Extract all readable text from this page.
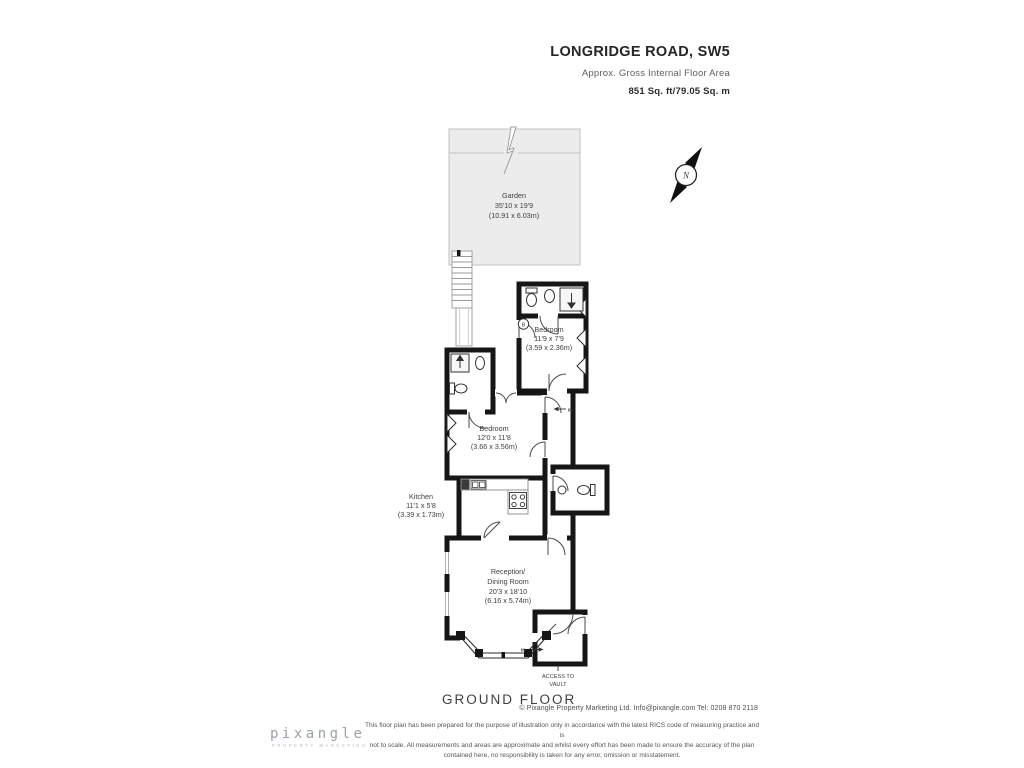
LONGRIDGE ROAD, SW5
Approx. Gross Internal Floor Area
851 Sq. ft/79.05 Sq. m
B
IN
IN
Garden
35'10 x 19'9
(10.91 x 6.03m)
Bedroom
11'9 x 7'9
(3.59 x 2.36m)
Bedroom
12'0 x 11'8
(3.66 x 3.56m)
Kitchen
11'1 x 5'8
(3.39 x 1.73m)
Reception/
Dining Room
20'3 x 18'10
(6.16 x 5.74m)
ACCESS TO
VAULT
N
GROUND FLOOR
© Pixangle Property Marketing Ltd. Info@pixangle.com Tel: 0208 870 2118
This floor plan has been prepared for the purpose of illustration only in accordance with the latest RICS code of measuring practice and is
not to scale. All measurements and areas are approximate and whilst every effort has been made to ensure the accuracy of the plan
contained here, no responsibility is taken for any error, omission or misstatement.
pixangle
PROPERTY MARKETING
